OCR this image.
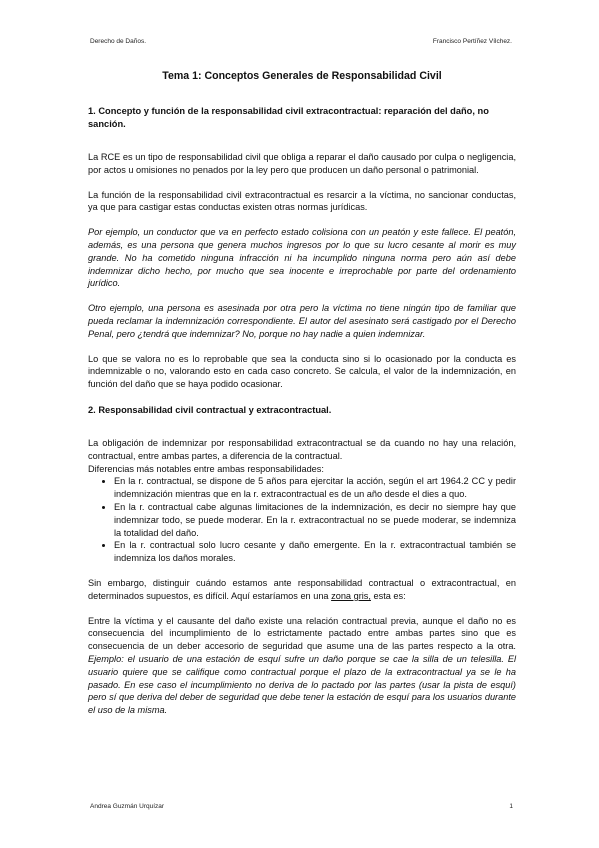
Derecho de Daños.	Francisco Pertíñez Vílchez.
Tema 1: Conceptos Generales de Responsabilidad Civil
1. Concepto y función de la responsabilidad civil extracontractual: reparación del daño, no sanción.

La RCE es un tipo de responsabilidad civil que obliga a reparar el daño causado por culpa o negligencia, por actos u omisiones no penados por la ley pero que producen un daño personal o patrimonial.

La función de la responsabilidad civil extracontractual es resarcir a la víctima, no sancionar conductas, ya que para castigar estas conductas existen otras normas jurídicas.

Por ejemplo, un conductor que va en perfecto estado colisiona con un peatón y este fallece. El peatón, además, es una persona que genera muchos ingresos por lo que su lucro cesante al morir es muy grande. No ha cometido ninguna infracción ni ha incumplido ninguna norma pero aún así debe indemnizar dicho hecho, por mucho que sea inocente e irreprochable por parte del ordenamiento jurídico.

Otro ejemplo, una persona es asesinada por otra pero la víctima no tiene ningún tipo de familiar que pueda reclamar la indemnización correspondiente. El autor del asesinato será castigado por el Derecho Penal, pero ¿tendrá que indemnizar? No, porque no hay nadie a quien indemnizar.

Lo que se valora no es lo reprobable que sea la conducta sino si lo ocasionado por la conducta es indemnizable o no, valorando esto en cada caso concreto. Se calcula, el valor de la indemnización, en función del daño que se haya podido ocasionar.

2. Responsabilidad civil contractual y extracontractual.

La obligación de indemnizar por responsabilidad extracontractual se da cuando no hay una relación, contractual, entre ambas partes, a diferencia de la contractual.

Diferencias más notables entre ambas responsabilidades:

• En la r. contractual, se dispone de 5 años para ejercitar la acción, según el art 1964.2 CC y pedir indemnización mientras que en la r. extracontractual es de un año desde el dies a quo.
• En la r. contractual cabe algunas limitaciones de la indemnización, es decir no siempre hay que indemnizar todo, se puede moderar. En la r. extracontractual no se puede moderar, se indemniza la totalidad del daño.
• En la r. contractual solo lucro cesante y daño emergente. En la r. extracontractual también se indemniza los daños morales.

Sin embargo, distinguir cuándo estamos ante responsabilidad contractual o extracontractual, en determinados supuestos, es difícil. Aquí estaríamos en una zona gris, esta es:

Entre la víctima y el causante del daño existe una relación contractual previa, aunque el daño no es consecuencia del incumplimiento de lo estrictamente pactado entre ambas partes sino que es consecuencia de un deber accesorio de seguridad que asume una de las partes respecto a la otra. Ejemplo: el usuario de una estación de esquí sufre un daño porque se cae la silla de un telesilla. El usuario quiere que se califique como contractual porque el plazo de la extracontractual ya se le ha pasado. En ese caso el incumplimiento no deriva de lo pactado por las partes (usar la pista de esquí) pero sí que deriva del deber de seguridad que debe tener la estación de esquí para los usuarios durante el uso de la misma.

Andrea Guzmán Urquízar	1
